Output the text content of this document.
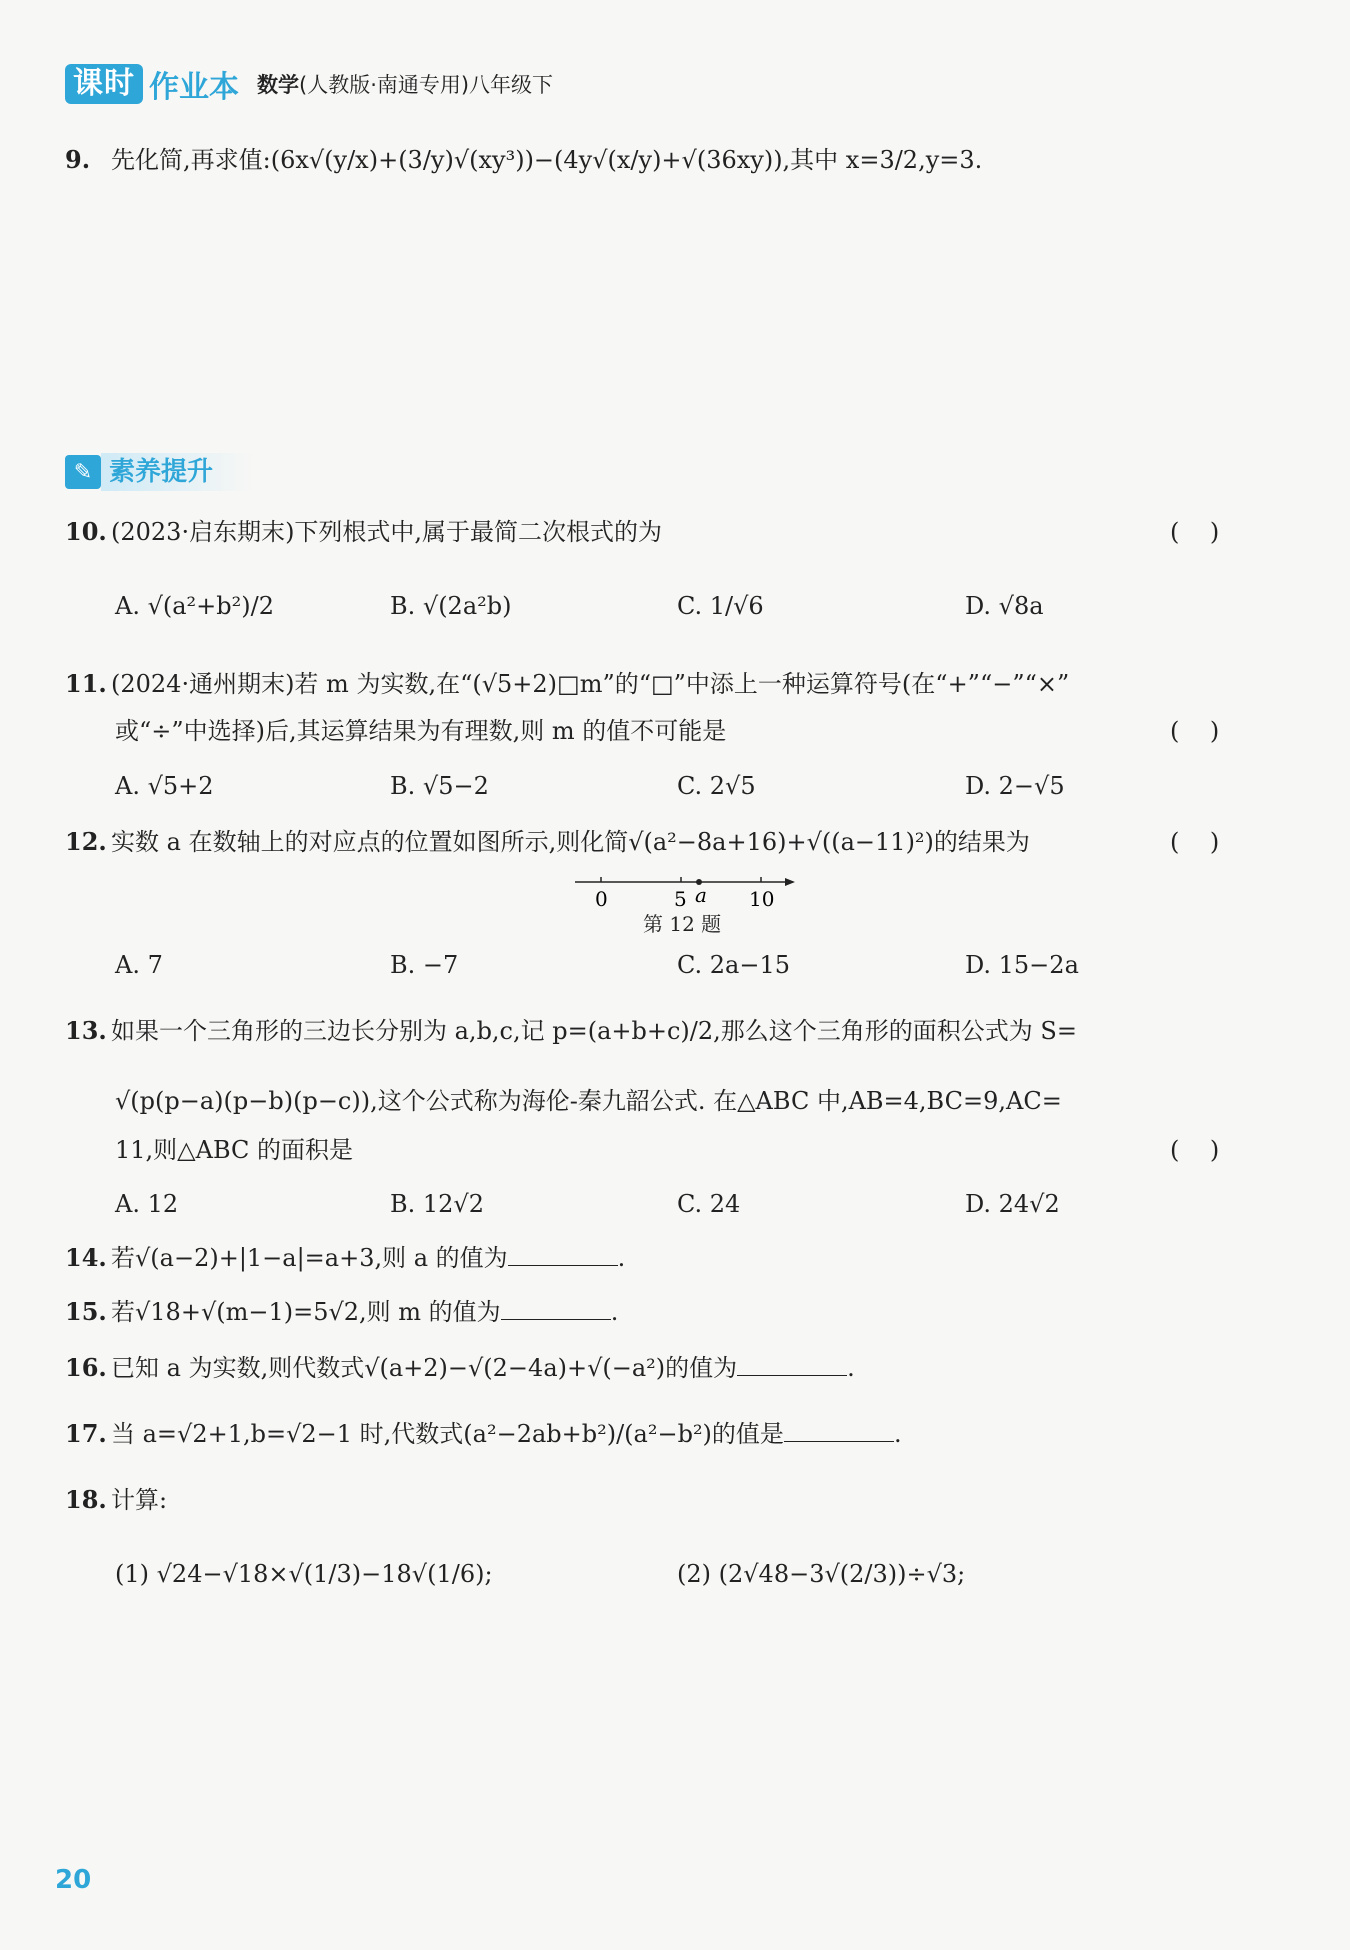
课时 作业本 数学(人教版·南通专用)八年级下
9. 先化简,再求值:(6x√(y/x)+(3/y)√(xy³))−(4y√(x/y)+√(36xy)),其中 x=3/2,y=3.
✎ 素养提升
10. (2023·启东期末)下列根式中,属于最简二次根式的为	(    )
A. √(a²+b²)/2	B. √(2a²b)	C. 1/√6	D. √8a
11. (2024·通州期末)若 m 为实数,在“(√5+2)□m”的“□”中添上一种运算符号(在“+”“−”“×”
或“÷”中选择)后,其运算结果为有理数,则 m 的值不可能是	(    )
A. √5+2	B. √5−2	C. 2√5	D. 2−√5
12. 实数 a 在数轴上的对应点的位置如图所示,则化简√(a²−8a+16)+√((a−11)²)的结果为	(    )
0	5	10
a
第 12 题
A. 7	B. −7	C. 2a−15	D. 15−2a
13. 如果一个三角形的三边长分别为 a,b,c,记 p=(a+b+c)/2,那么这个三角形的面积公式为 S=
√(p(p−a)(p−b)(p−c)),这个公式称为海伦-秦九韶公式. 在△ABC 中,AB=4,BC=9,AC=
11,则△ABC 的面积是	(    )
A. 12	B. 12√2	C. 24	D. 24√2
14. 若√(a−2)+|1−a|=a+3,则 a 的值为	.
15. 若√18+√(m−1)=5√2,则 m 的值为	.
16. 已知 a 为实数,则代数式√(a+2)−√(2−4a)+√(−a²)的值为	.
17. 当 a=√2+1,b=√2−1 时,代数式(a²−2ab+b²)/(a²−b²)的值是	.
18. 计算:
(1) √24−√18×√(1/3)−18√(1/6);	(2) (2√48−3√(2/3))÷√3;
20
